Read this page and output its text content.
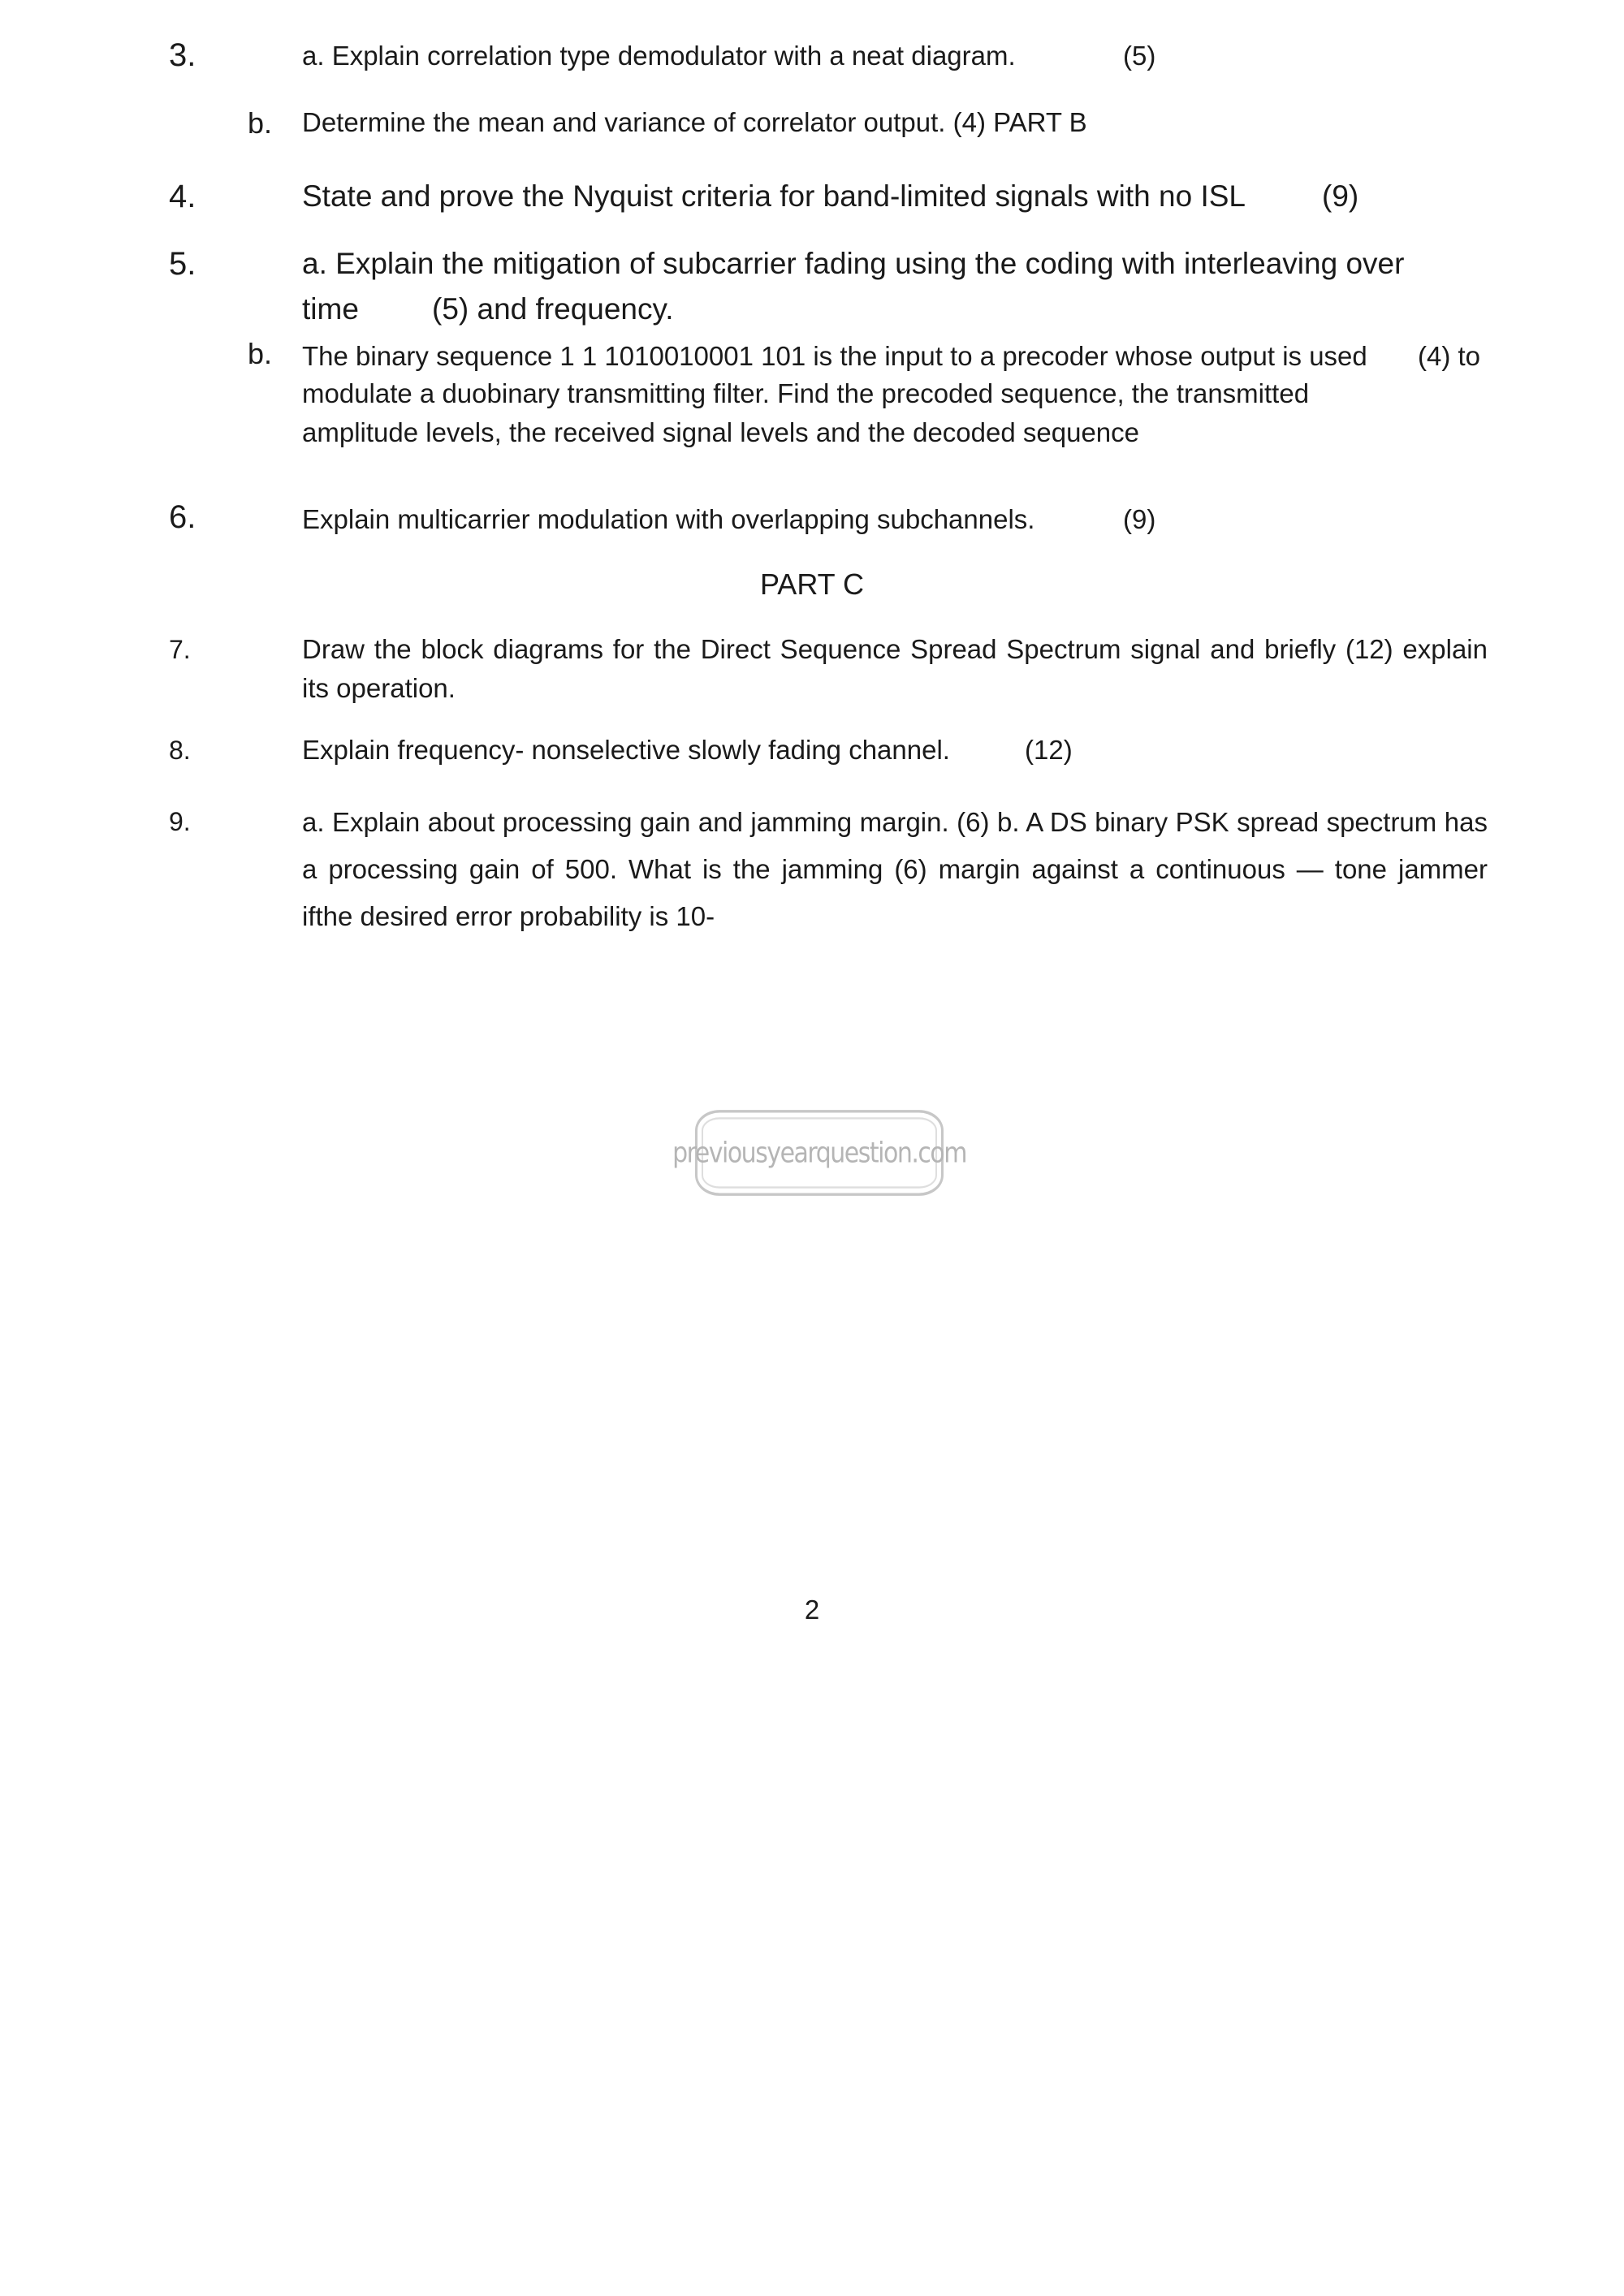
3.	a. Explain correlation type demodulator with a neat diagram.	(5)
b. Determine the mean and variance of correlator output. (4) PART B
4.	State and prove the Nyquist criteria for band-limited signals with no ISL	(9)
5.	a. Explain the mitigation of subcarrier fading using the coding with interleaving over
time (5) and frequency.
b. The binary sequence 1 1 1010010001 101 is the input to a precoder whose output is used (4) to
modulate a duobinary transmitting filter. Find the precoded sequence, the transmitted
amplitude levels, the received signal levels and the decoded sequence
6.	Explain multicarrier modulation with overlapping subchannels.	(9)
PART C
7.	Draw the block diagrams for the Direct Sequence Spread Spectrum signal and briefly (12) explain
its operation.
8.	Explain frequency- nonselective slowly fading channel.	(12)
9.	a. Explain about processing gain and jamming margin. (6) b. A DS binary PSK spread spectrum has
a processing gain of 500. What is the jamming (6) margin against a continuous — tone jammer
ifthe desired error probability is 10-
previousyearquestion.com
2
